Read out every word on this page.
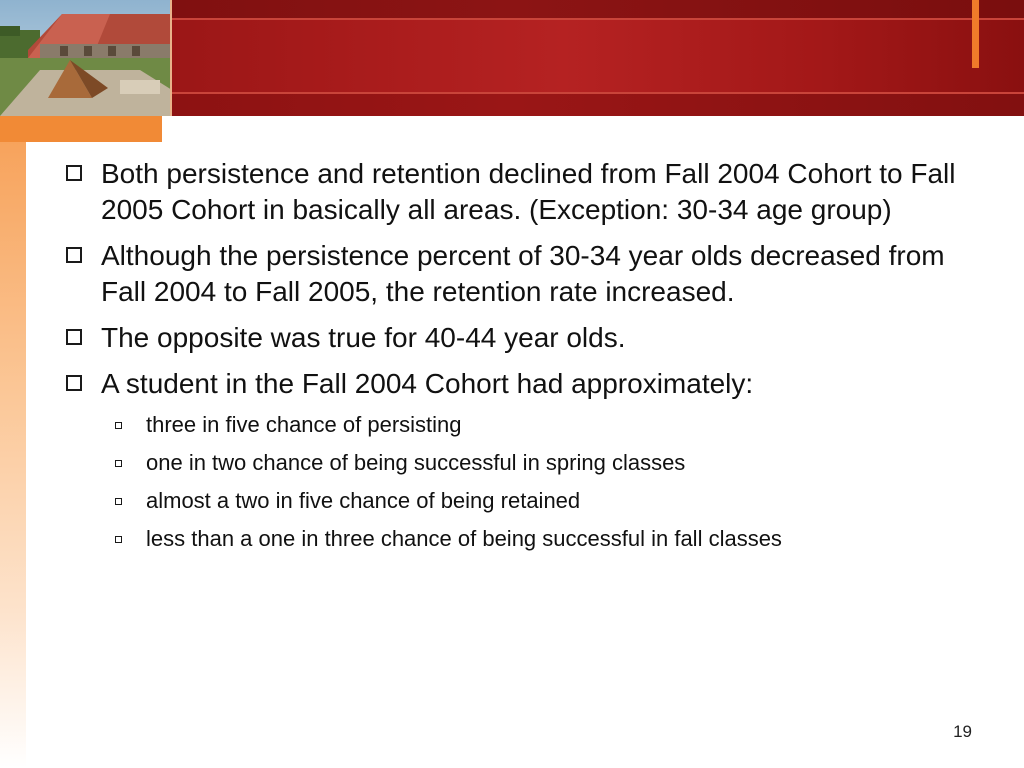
Both persistence and retention declined from Fall 2004 Cohort to Fall 2005 Cohort in basically all areas. (Exception: 30-34 age group)

Although the persistence percent of 30-34 year olds decreased from Fall 2004 to Fall 2005, the retention rate increased.

The opposite was true for 40-44 year olds.

A student in the Fall 2004 Cohort had approximately:

three in five chance of persisting

one in two chance of being successful in spring classes

almost a two in five chance of being retained

less than a one in three chance of being successful in fall classes

19
